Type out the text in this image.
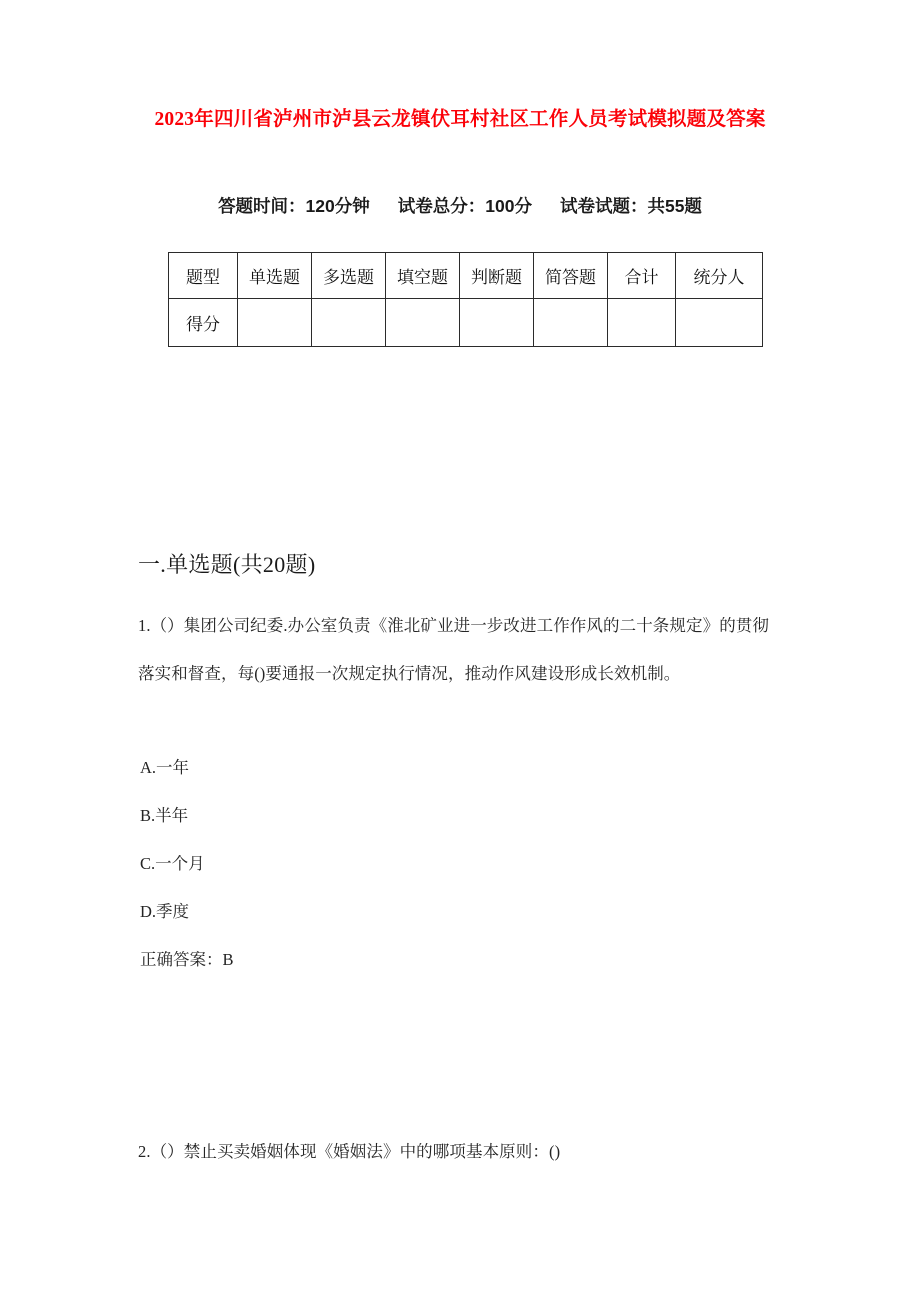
2023年四川省泸州市泸县云龙镇伏耳村社区工作人员考试模拟题及答案
答题时间：120分钟 试卷总分：100分 试卷试题：共55题
题型	单选题	多选题	填空题	判断题	简答题	合计	统分人
得分							
一.单选题(共20题)
1.（）集团公司纪委.办公室负责《淮北矿业进一步改进工作作风的二十条规定》的贯彻
落实和督查，每()要通报一次规定执行情况，推动作风建设形成长效机制。
A.一年
B.半年
C.一个月
D.季度
正确答案：B
2.（）禁止买卖婚姻体现《婚姻法》中的哪项基本原则：()
